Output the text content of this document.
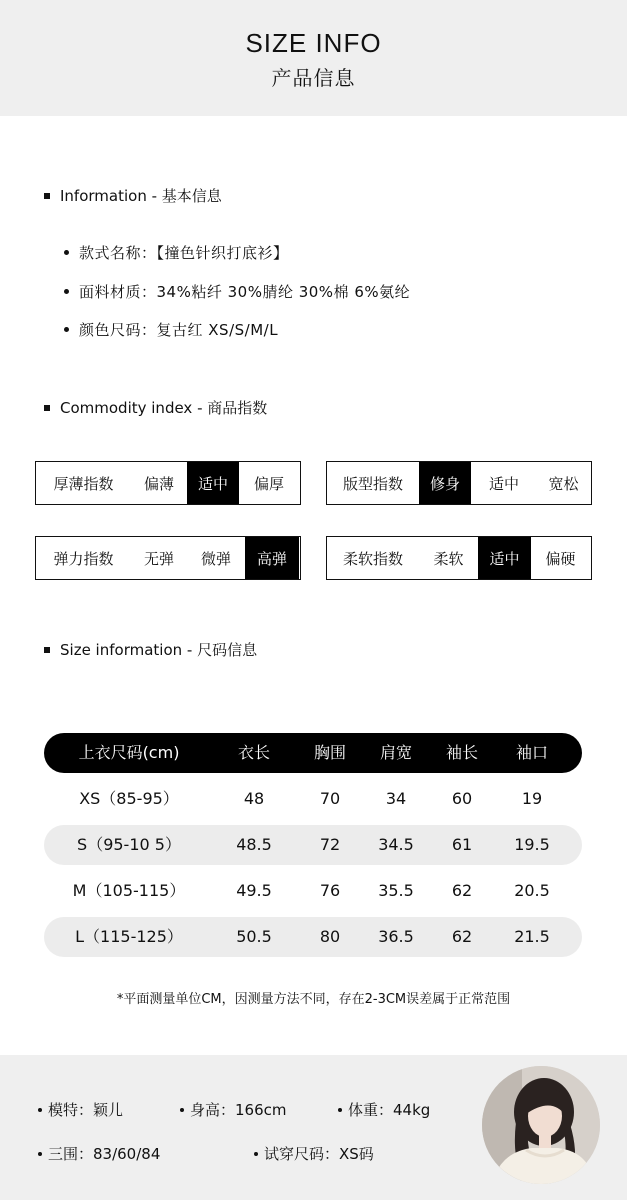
SIZE INFO
产品信息
Information - 基本信息
款式名称：【撞色针织打底衫】
面料材质：34%粘纤 30%腈纶 30%棉 6%氨纶
颜色尺码：复古红 XS/S/M/L
Commodity index - 商品指数
厚薄指数	偏薄	适中	偏厚	版型指数	修身	适中	宽松
弹力指数	无弹	微弹	高弹	柔软指数	柔软	适中	偏硬
Size information - 尺码信息
上衣尺码(cm)	衣长	胸围	肩宽	袖长	袖口
XS（85-95）	48	70	34	60	19
S（95-10 5）	48.5	72	34.5	61	19.5
M（105-115）	49.5	76	35.5	62	20.5
L（115-125）	50.5	80	36.5	62	21.5
*平面测量单位CM，因测量方法不同，存在2-3CM误差属于正常范围
模特：颖儿	身高：166cm	体重：44kg
三围：83/60/84	试穿尺码：XS码
